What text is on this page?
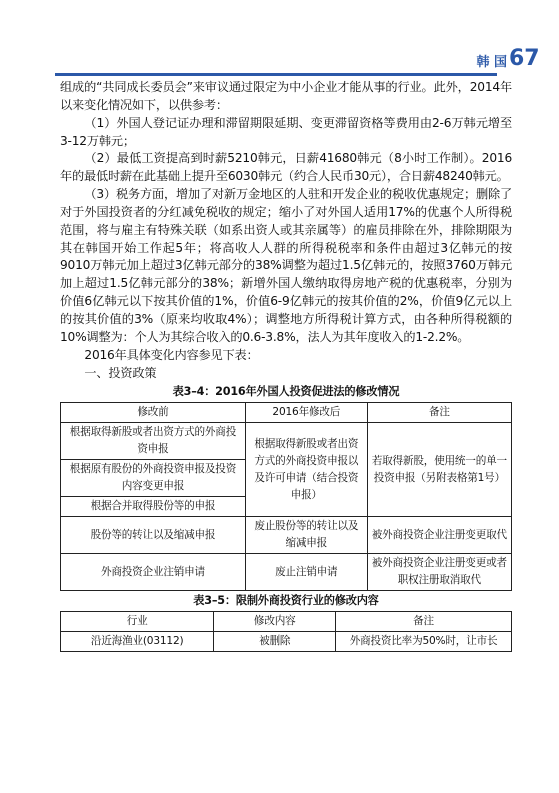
韩 国 67

组成的“共同成长委员会”来审议通过限定为中小企业才能从事的行业。此外，2014年以来变化情况如下，以供参考：

（1）外国人登记证办理和滞留期限延期、变更滞留资格等费用由2-6万韩元增至3-12万韩元；

（2）最低工资提高到时薪5210韩元，日薪41680韩元（8小时工作制）。2016年的最低时薪在此基础上提升至6030韩元（约合人民币30元），合日薪48240韩元。

（3）税务方面，增加了对新万金地区的人驻和开发企业的税收优惠规定；删除了对于外国投资者的分红减免税收的规定；缩小了对外国人适用17%的优惠个人所得税范围，将与雇主有特殊关联（如系出资人或其亲属等）的雇员排除在外，排除期限为其在韩国开始工作起5年；将高收人人群的所得税税率和条件由超过3亿韩元的按9010万韩元加上超过3亿韩元部分的38%调整为超过1.5亿韩元的，按照3760万韩元加上超过1.5亿韩元部分的38%；新增外国人缴纳取得房地产税的优惠税率，分别为价值6亿韩元以下按其价值的1%，价值6-9亿韩元的按其价值的2%，价值9亿元以上的按其价值的3%（原来均收取4%）；调整地方所得税计算方式，由各种所得税额的10%调整为：个人为其综合收入的0.6-3.8%，法人为其年度收入的1-2.2%。

2016年具体变化内容参见下表：

一、投资政策

表3–4：2016年外国人投资促进法的修改情况
修改前	2016年修改后	备注
根据取得新股或者出资方式的外商投资申报	根据取得新股或者出资方式的外商投资申报以及许可申请（结合投资申报）	若取得新股，使用统一的单一投资申报（另附表格第1号）
根据原有股份的外商投资申报及投资内容变更申报		
根据合并取得股份等的申报		
股份等的转让以及缩减申报	废止股份等的转让以及缩减申报	被外商投资企业注册变更取代
外商投资企业注销申请	废止注销申请	被外商投资企业注册变更或者职权注册取消取代
表3–5：限制外商投资行业的修改内容
行业	修改内容	备注
沿近海渔业(03112)	被删除	外商投资比率为50%时，让市长
